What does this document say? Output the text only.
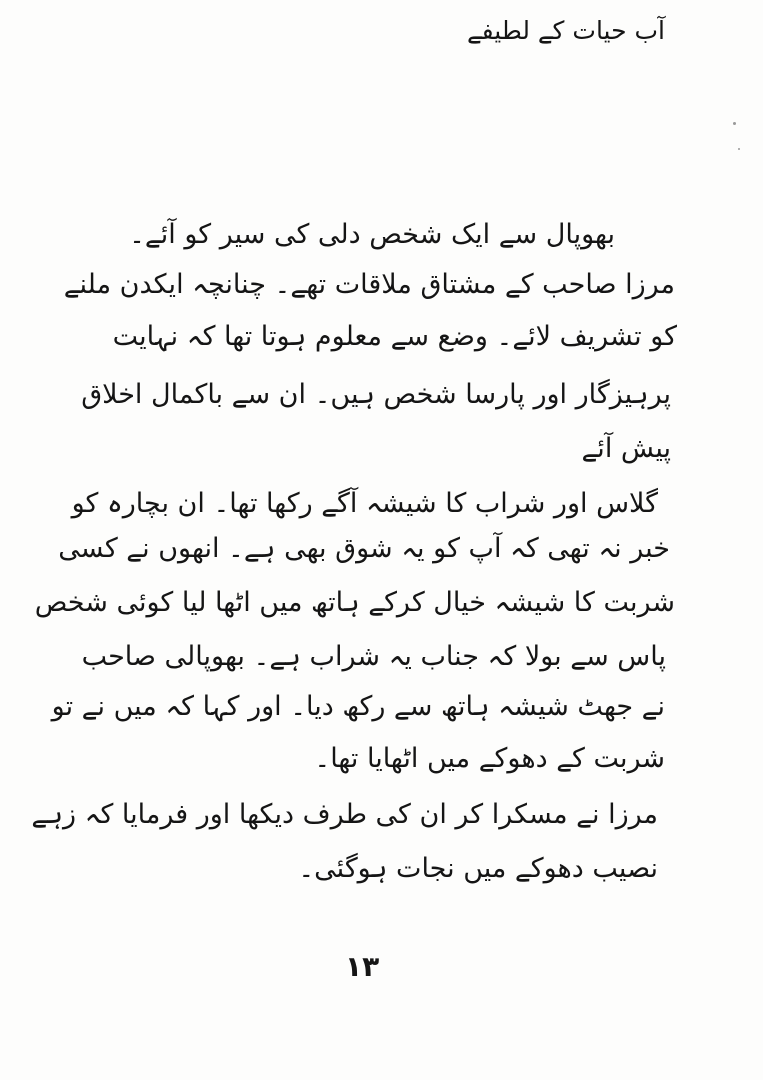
آب حیات کے لطیفے
بھوپال سے ایک شخص دلی کی سیر کو آئے۔
مرزا صاحب کے مشتاق ملاقات تھے۔ چنانچہ ایکدن ملنے
کو تشریف لائے۔ وضع سے معلوم ہوتا تھا کہ نہایت
پرہیزگار اور پارسا شخص ہیں۔ ان سے باکمال اخلاق
پیش آئے
گلاس اور شراب کا شیشہ آگے رکھا تھا۔ ان بچارہ کو
خبر نہ تھی کہ آپ کو یہ شوق بھی ہے۔ انھوں نے کسی
شربت کا شیشہ خیال کرکے ہاتھ میں اٹھا لیا کوئی شخص
پاس سے بولا کہ جناب یہ شراب ہے۔ بھوپالی صاحب
نے جھٹ شیشہ ہاتھ سے رکھ دیا۔ اور کہا کہ میں نے تو
شربت کے دھوکے میں اٹھایا تھا۔
مرزا نے مسکرا کر ان کی طرف دیکھا اور فرمایا کہ زہے
نصیب دھوکے میں نجات ہوگئی۔
۱۳
